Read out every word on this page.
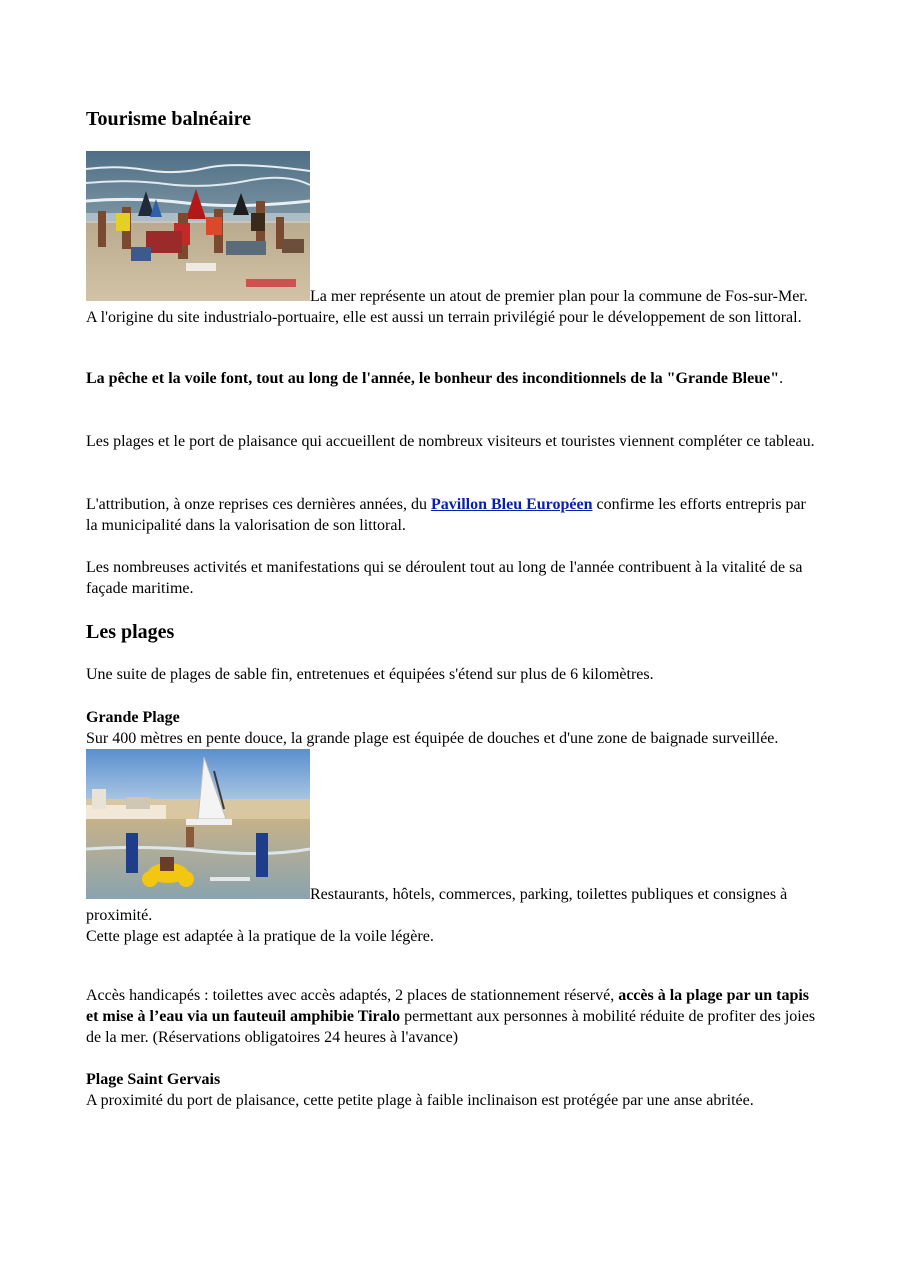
Tourisme balnéaire

La mer représente un atout de premier plan pour la commune de Fos-sur-Mer. A l'origine du site industrialo-portuaire, elle est aussi un terrain privilégié pour le développement de son littoral.

La pêche et la voile font, tout au long de l'année, le bonheur des inconditionnels de la "Grande Bleue".

Les plages et le port de plaisance qui accueillent de nombreux visiteurs et touristes viennent compléter ce tableau.

L'attribution, à onze reprises ces dernières années, du Pavillon Bleu Européen confirme les efforts entrepris par la municipalité dans la valorisation de son littoral.

Les nombreuses activités et manifestations qui se déroulent tout au long de l'année contribuent à la vitalité de sa façade maritime.

Les plages

Une suite de plages de sable fin, entretenues et équipées s'étend sur plus de 6 kilomètres.

Grande Plage
Sur 400 mètres en pente douce, la grande plage est équipée de douches et d'une zone de baignade surveillée.

Restaurants, hôtels, commerces, parking, toilettes publiques et consignes à proximité.
Cette plage est adaptée à la pratique de la voile légère.

Accès handicapés : toilettes avec accès adaptés, 2 places de stationnement réservé, accès à la plage par un tapis et mise à l’eau via un fauteuil amphibie Tiralo permettant aux personnes à mobilité réduite de profiter des joies de la mer. (Réservations obligatoires 24 heures à l'avance)

Plage Saint Gervais
A proximité du port de plaisance, cette petite plage à faible inclinaison est protégée par une anse abritée.
